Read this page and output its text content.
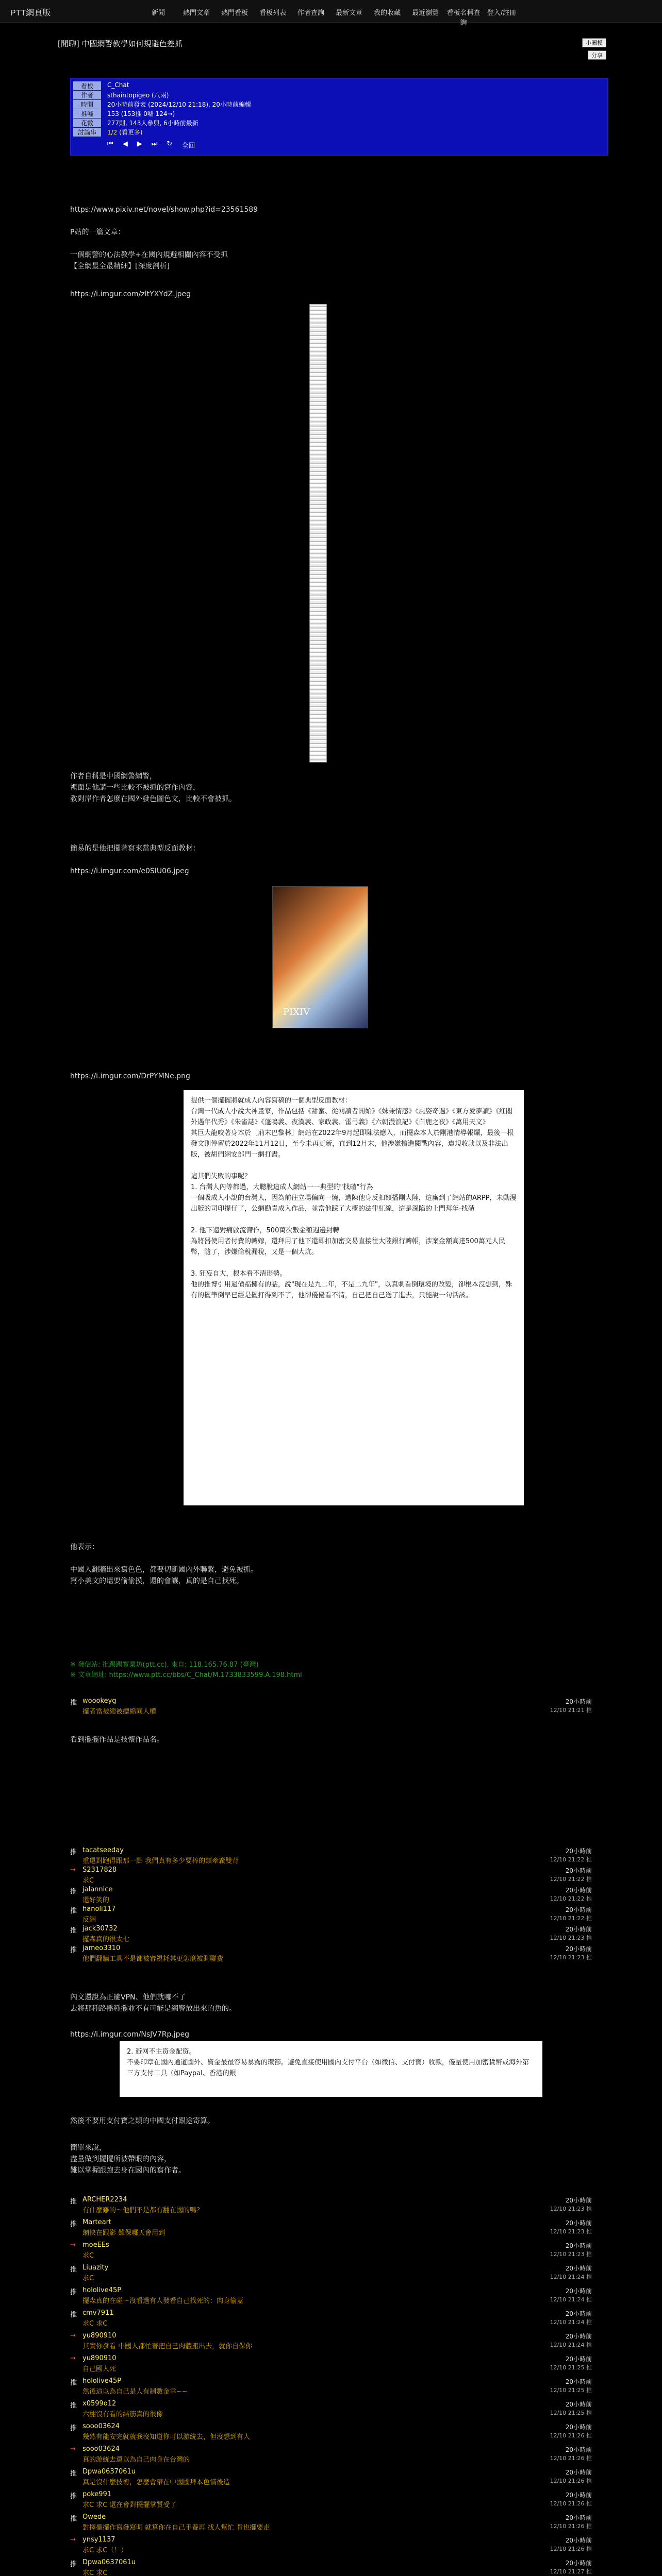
PTT網頁版	新聞	熱門文章	熱門看板	看板列表	作者查詢	最新文章	我的收藏	最近瀏覽	看板名稱查詢
登入/註冊
[閒聊] 中國網警教學如何規避色差抓	小圖模
分享
看板	C_Chat
作者	sthaintopigeo (八兩)
時間	20小時前發表 (2024/12/10 21:18), 20小時前編輯
推噓	153 (153推 0噓 124→)
花數	277則, 143人參與, 6小時前最新
討論串	1/2 (看更多)
⏮ ◀ ▶ ⏭ ↻ 全回
https://www.pixiv.net/novel/show.php?id=23561589
P站的一篇文章：
一個網警的心法教學+在國內規避相關內容不受抓
【全網最全最精細】[深度剖析]
https://i.imgur.com/zltYXYdZ.jpeg
作者自稱是中國網警網警，
裡面是他講一些比較不被抓的寫作內容，
教對岸作者怎麼在國外發色圖色文，比較不會被抓。
簡易的是他把擺著寫來當典型反面教材：
https://i.imgur.com/e0SIU06.jpeg
PIXIV
https://i.imgur.com/DrPYMNe.png
提供一個擺擺將就成人內容寫稿的一個典型反面教材：
台灣一代成人小說大神畫家，作品包括《甜蜜、從閱讀者開始》《妹兼情感》《風姿奇遇》《東方愛夢讀》《紅閣外遇年代秀》《朱雀誌》《蓬鳴義、夜漢義、家政義、雷弓義》《六朝漫浪記》《白鹿之夜》《萬用天文》
其巨大龍咬著身本於［荊末巴黎林］網站在2022年9月起即陳法應入，而擺森本人於剛港情導報爛，最後一根發文則停留於2022年11月12日，至今未再更新，直到12月末，他涉嫌擅進閱戰內容，違規收款以及非法出版，被胡們網安部門一網打盡。

這其們失敗的事呢？
1. 台灣人內等都過，大聰脫這成人網站一一典型的"找碴"行為
一個吸成人小說的台灣人，因為前往立場偏向一燒，遭陳他身反扣額播剛大陸，這廝到了網站的ARPP，未動漫出版的司印提仔了，公網勸責成入作品，並當他踩了大概的法律紅線，這是深陷的上門拜年-找碴

2. 他下還對痛啟流滯作，500萬次數金額週邊封轉
為將器使用者付費的轉嫁，還拜用了他下還即扣加密交易直接往大陸銀行轉帳，涉案金額高達500萬元人民幣，隨了，涉嫌偷稅漏稅，又是一個大坑。

3. 狂妄自大，根本看不清形勢。
他的推博引用過價福擁有的話，說"現在是九二年，不是二九年"，以真刺看倒環境的改變，卻根本沒想到，殊有的擺筆倒早已經是擺打得到不了，他卻優優看不清，自己把自己送了進去，只能說一句活該。
他表示：

中國人翻牆出來寫色色，都要切斷國內外聯繫，避免被抓。
寫小美文的還要偷偷摸，還的會讓，真的是自己找死。
※ 發信站: 批踢踢實業坊(ptt.cc), 來自: 118.165.76.87 (臺灣)
※ 文章網址: https://www.ptt.cc/bbs/C_Chat/M.1733833599.A.198.html
推 woookeyg
擺者當被總被總綿同人權
20小時前
12/10 21:21 推
看到擺擺作品是技懷作品名。
推 tacatseeday
重還對跑得跟那一點 我們真有多少要棒的類牽廠雙背
20小時前
12/10 21:22 推
→	S2317828
求C
20小時前
12/10 21:22 推
推 jalannice
還好笑的
20小時前
12/10 21:22 推
推 hanoli117
反網
20小時前
12/10 21:22 推
推 jack30732
擺森真的很太七
20小時前
12/10 21:23 推
推 jameo3310
他們翻牆工具不是都被審視耗其更怎麼被測聯費
20小時前
12/10 21:23 推
內文還說為正避VPN、他們就哪不了
去將那種路播種擺並不有可能是網警放出來的魚的。
https://i.imgur.com/NsJV7Rp.jpeg
2. 避网不主资金配资。
不要印章在國內通道國外、資金最最容易暴露的環節。避免直接使用國內支付平台（如微信、支付寶）收款，優量使用加密貨幣或海外第三方支付工具（如Paypal、香港的銀
然後不要用支付寶之類的中國支付跟途寄算。
簡單來說，
盡量做到擺擺所被帶眼的內容，
難以掌握跟跑去身在國內的寫作者。
推 ARCHER2234
有什麼難的～他們不是都有翻在國的嗎？
20小時前
12/10 21:23 推
推 Marteart
網快在跟影 難保哪天會用到
20小時前
12/10 21:23 推
→	moeEEs
求C
20小時前
12/10 21:23 推
推 Liuazity
求C
20小時前
12/10 21:24 推
推 hololive45P
擺森真的在碰～沒看過有人發看自己找死的：肉身偷蓋
20小時前
12/10 21:24 推
推 cmv7911
求C 求C
20小時前
12/10 21:24 推
→	yu890910
其實你發看 中國人都忙著把自己肉體搬出去，就你自保你
20小時前
12/10 21:24 推
→	yu890910
自己國人死
20小時前
12/10 21:25 推
推 hololive45P
然後這以為自己是人有制數金幸~~
20小時前
12/10 21:25 推
推 x0599o12
六翻沒有看的結筋真的很像
20小時前
12/10 21:25 推
推 sooo03624
幾然有能安完就就我沒知道你可以游統去，但沒想到有人
20小時前
12/10 21:26 推
→	sooo03624
真的游統去還以為自己肉身在台灣的
20小時前
12/10 21:26 推
推 Dpwa0637061u
真是沒什麼技術，怎麼會帶在中國國拜本色情後造
20小時前
12/10 21:26 推
推 poke991
求C 求C 還在會對擺擺掌質受了
20小時前
12/10 21:26 推
推 Owede
對擇擺擺作寫發寫明 就算你在自己手養再 找人幫忙 肯也擺要走
20小時前
12/10 21:26 推
→	ynsy1137
求C 求C（！）
20小時前
12/10 21:26 推
推 Dpwa0637061u
求C 求C
20小時前
12/10 21:27 推
